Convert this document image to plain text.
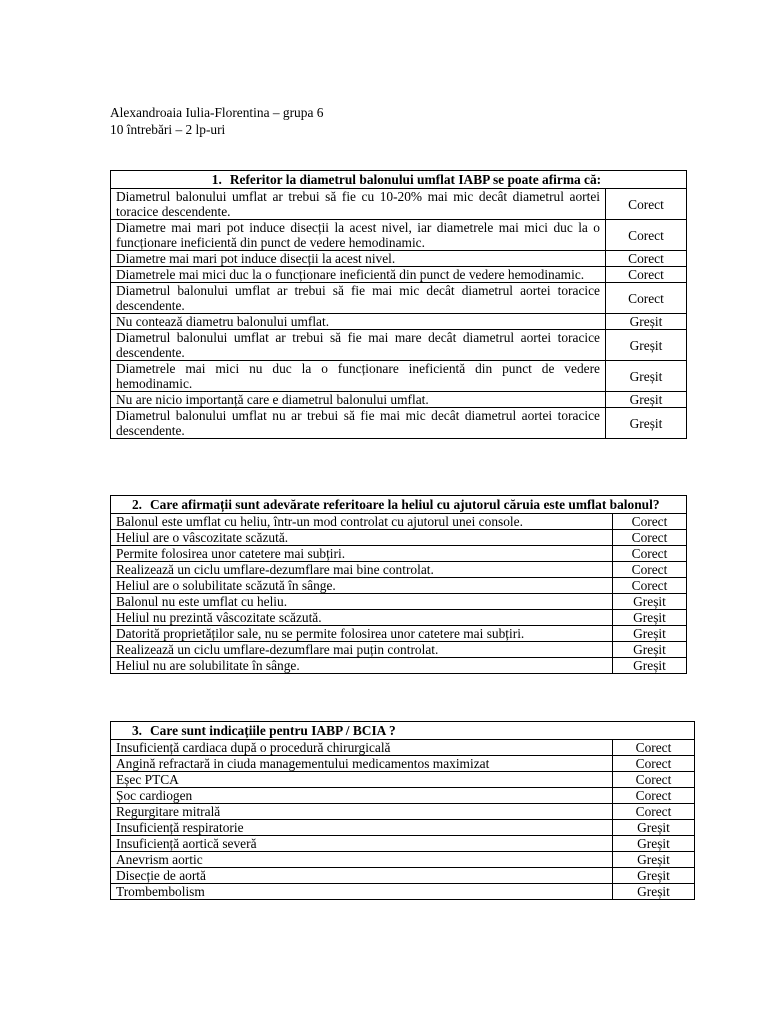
Alexandroaia Iulia-Florentina – grupa 6
10 întrebări – 2 lp-uri
1. Referitor la diametrul balonului umflat IABP se poate afirma că:	

Diametrul balonului umflat ar trebui să fie cu 10-20% mai mic decât diametrul aortei toracice descendente.	Corect
Diametre mai mari pot induce disecții la acest nivel, iar diametrele mai mici duc la o funcționare ineficientă din punct de vedere hemodinamic.	Corect
Diametre mai mari pot induce disecții la acest nivel.	Corect
Diametrele mai mici duc la o funcționare ineficientă din punct de vedere hemodinamic.	Corect
Diametrul balonului umflat ar trebui să fie mai mic decât diametrul aortei toracice descendente.	Corect
Nu contează diametru balonului umflat.	Greșit
Diametrul balonului umflat ar trebui să fie mai mare decât diametrul aortei toracice descendente.	Greșit
Diametrele mai mici nu duc la o funcționare ineficientă din punct de vedere hemodinamic.	Greșit
Nu are nicio importanță care e diametrul balonului umflat.	Greșit
Diametrul balonului umflat nu ar trebui să fie mai mic decât diametrul aortei toracice descendente.	Greșit
2. Care afirmații sunt adevărate referitoare la heliul cu ajutorul căruia este umflat balonul?	

Balonul este umflat cu heliu, într-un mod controlat cu ajutorul unei console.	Corect
Heliul are o vâscozitate scăzută.	Corect
Permite folosirea unor catetere mai subțiri.	Corect
Realizează un ciclu umflare-dezumflare mai bine controlat.	Corect
Heliul are o solubilitate scăzută în sânge.	Corect
Balonul nu este umflat cu heliu.	Greșit
Heliul nu prezintă vâscozitate scăzută.	Greșit
Datorită proprietăților sale, nu se permite folosirea unor catetere mai subțiri.	Greșit
Realizează un ciclu umflare-dezumflare mai puțin controlat.	Greșit
Heliul nu are solubilitate în sânge.	Greșit
3. Care sunt indicațiile pentru IABP / BCIA ?	

Insuficiență cardiaca după o procedură chirurgicală	Corect
Angină refractară in ciuda managementului medicamentos maximizat	Corect
Eșec PTCA	Corect
Șoc cardiogen	Corect
Regurgitare mitrală	Corect
Insuficiență respiratorie	Greșit
Insuficiență aortică severă	Greșit
Anevrism aortic	Greșit
Disecție de aortă	Greșit
Trombembolism	Greșit
